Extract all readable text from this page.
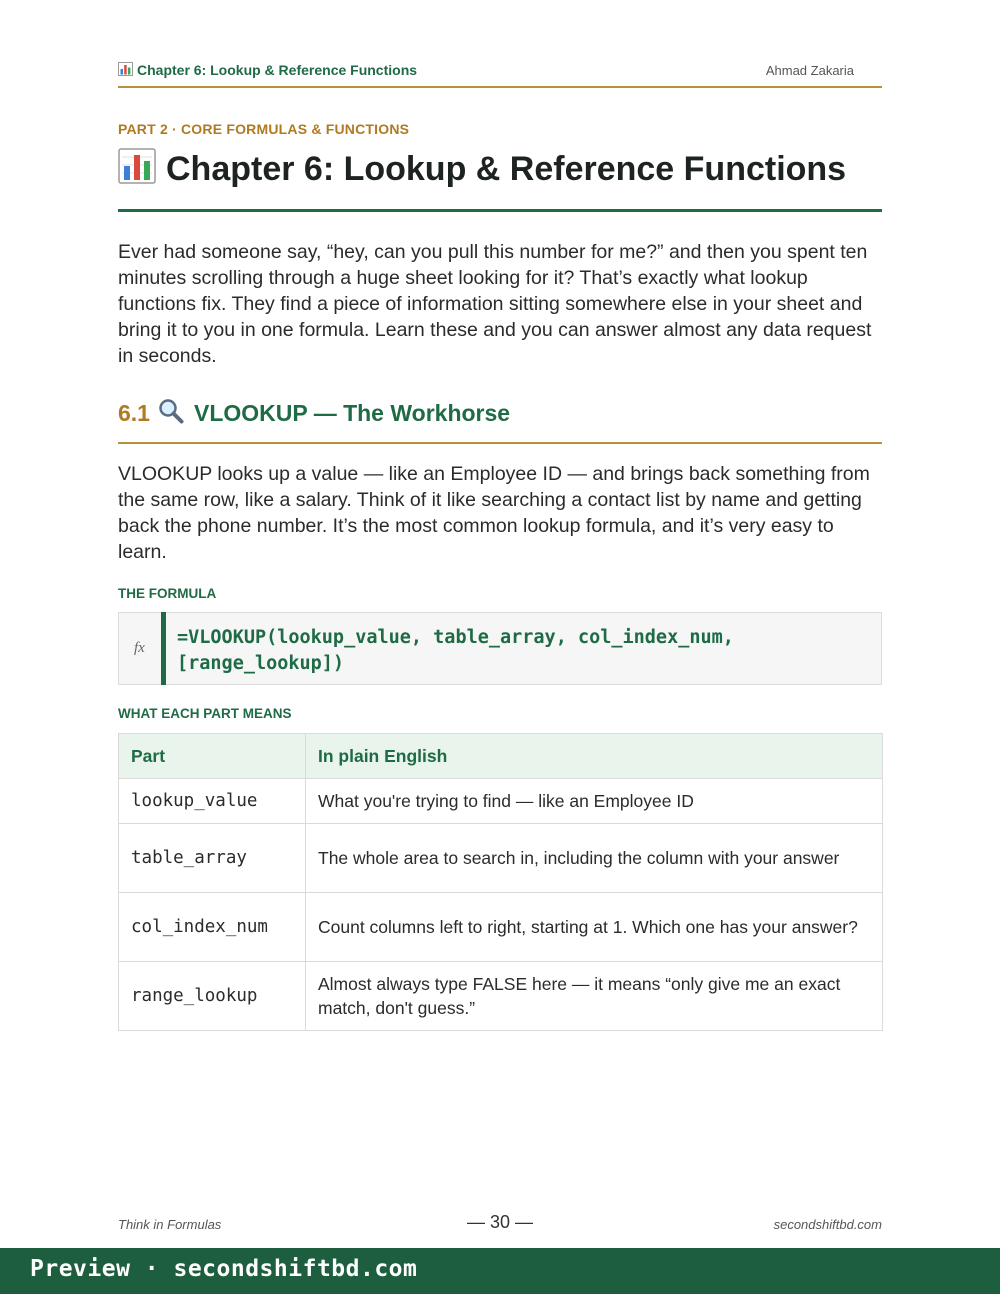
Chapter 6: Lookup & Reference Functions	Ahmad Zakaria
PART 2 · CORE FORMULAS & FUNCTIONS
Chapter 6: Lookup & Reference Functions

Ever had someone say, “hey, can you pull this number for me?” and then you spent ten minutes scrolling through a huge sheet looking for it? That’s exactly what lookup functions fix. They find a piece of information sitting somewhere else in your sheet and bring it to you in one formula. Learn these and you can answer almost any data request in seconds.

6.1 VLOOKUP — The Workhorse

VLOOKUP looks up a value — like an Employee ID — and brings back something from the same row, like a salary. Think of it like searching a contact list by name and getting back the phone number. It’s the most common lookup formula, and it’s very easy to learn.

THE FORMULA
fx =VLOOKUP(lookup_value, table_array, col_index_num, [range_lookup])
WHAT EACH PART MEANS
Part	In plain English
lookup_value	What you're trying to find — like an Employee ID
table_array	The whole area to search in, including the column with your answer
col_index_num	Count columns left to right, starting at 1. Which one has your answer?
range_lookup	Almost always type FALSE here — it means “only give me an exact match, don't guess.”
Think in Formulas	— 30 —	secondshiftbd.com
Preview · secondshiftbd.com
